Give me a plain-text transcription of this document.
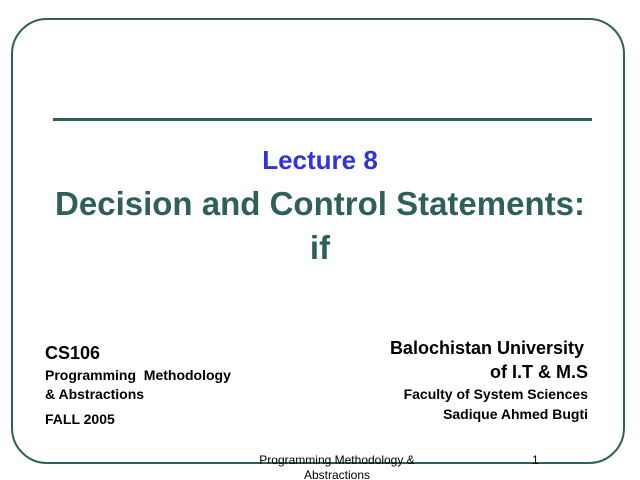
Lecture 8
Decision and Control Statements:
if
CS106
Programming  Methodology
& Abstractions
FALL 2005
Balochistan University
of I.T & M.S
Faculty of System Sciences
Sadique Ahmed Bugti
Programming Methodology &
Abstractions
1
